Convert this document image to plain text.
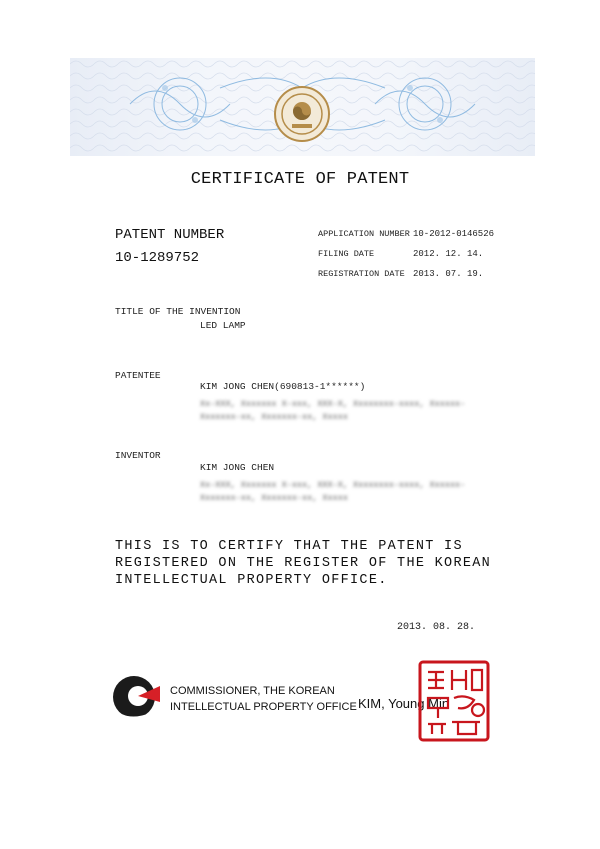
CERTIFICATE OF PATENT
PATENT NUMBER
10-1289752
APPLICATION NUMBER 10-2012-0146526
FILING DATE	2012. 12. 14.
REGISTRATION DATE 2013. 07. 19.
TITLE OF THE INVENTION
LED LAMP
PATENTEE
KIM JONG CHEN(690813-1******)
Xx-XXX, Xxxxxxx X-xxx, XXX-X, Xxxxxxxx-xxxx, Xxxxxx-
Xxxxxxx-xx, Xxxxxxx-xx, Xxxxx
INVENTOR
KIM JONG CHEN
Xx-XXX, Xxxxxxx X-xxx, XXX-X, Xxxxxxxx-xxxx, Xxxxxx-
Xxxxxxx-xx, Xxxxxxx-xx, Xxxxx
THIS IS TO CERTIFY THAT THE PATENT IS
REGISTERED ON THE REGISTER OF THE KOREAN
INTELLECTUAL PROPERTY OFFICE.
2013. 08. 28.
COMMISSIONER, THE KOREAN
INTELLECTUAL PROPERTY OFFICE KIM, Young Min
